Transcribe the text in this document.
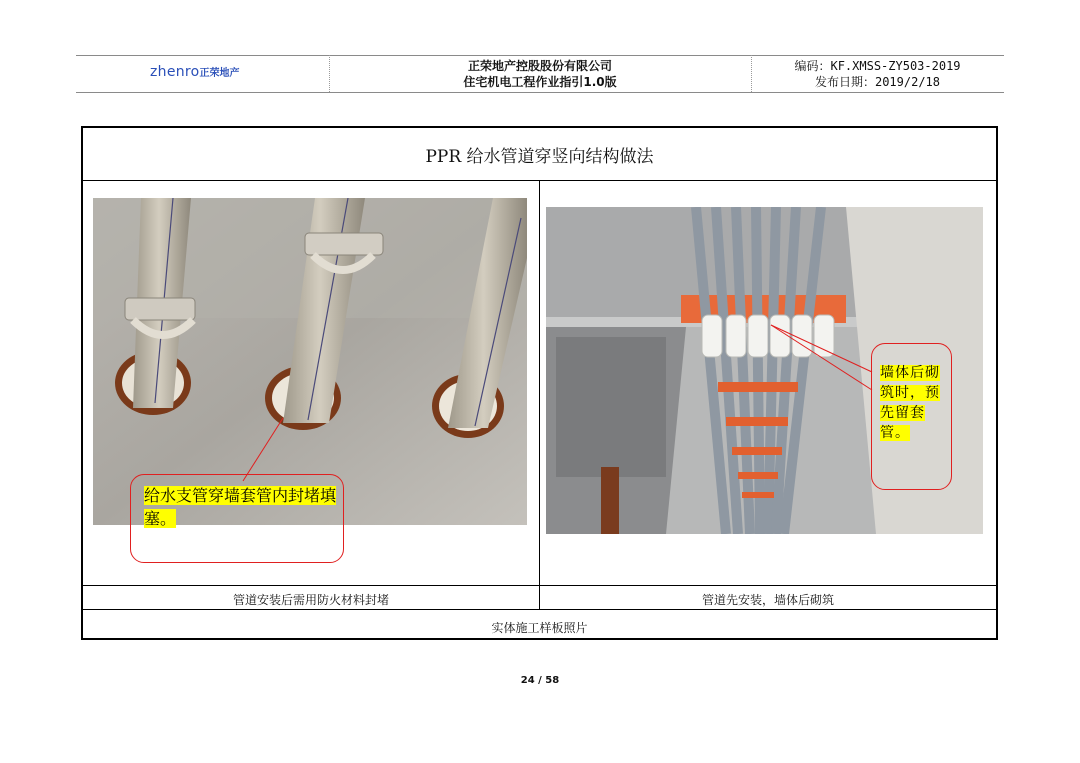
zhenro正荣地产
正荣地产控股股份有限公司
住宅机电工程作业指引1.0版
编码：KF.XMSS-ZY503-2019
发布日期：2019/2/18
PPR 给水管道穿竖向结构做法
管道安装后需用防火材料封堵	管道先安装，墙体后砌筑
实体施工样板照片
给水支管穿墙套管内封堵填塞。
墙体后砌筑时，预先留套管。
24 / 58
